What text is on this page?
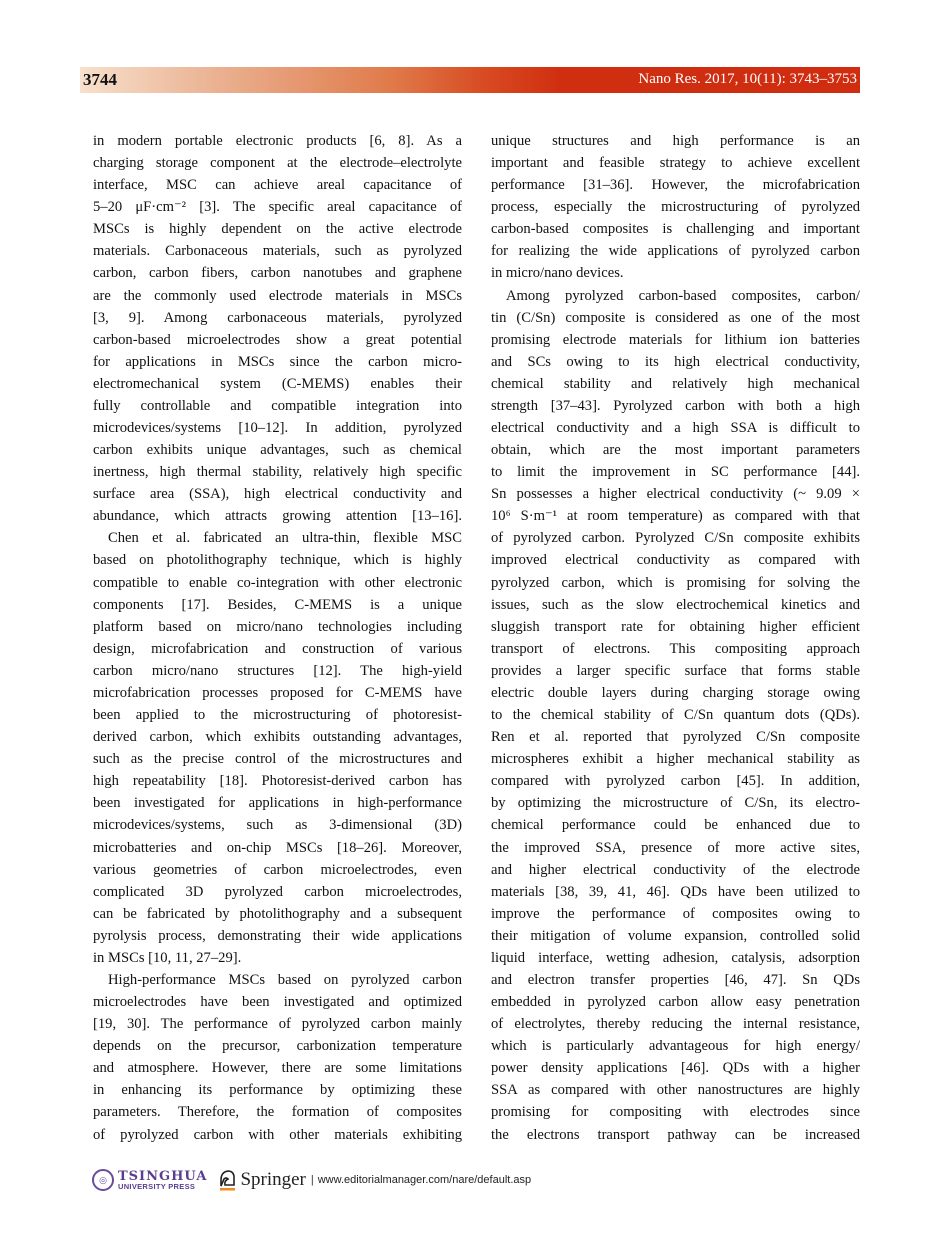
3744	Nano Res. 2017, 10(11): 3743–3753
in modern portable electronic products [6, 8]. As a
charging storage component at the electrode–electrolyte
interface, MSC can achieve areal capacitance of
5–20 μF·cm⁻² [3]. The specific areal capacitance of
MSCs is highly dependent on the active electrode
materials. Carbonaceous materials, such as pyrolyzed
carbon, carbon fibers, carbon nanotubes and graphene
are the commonly used electrode materials in MSCs
[3, 9]. Among carbonaceous materials, pyrolyzed
carbon-based microelectrodes show a great potential
for applications in MSCs since the carbon micro-
electromechanical system (C-MEMS) enables their
fully controllable and compatible integration into
microdevices/systems [10–12]. In addition, pyrolyzed
carbon exhibits unique advantages, such as chemical
inertness, high thermal stability, relatively high specific
surface area (SSA), high electrical conductivity and
abundance, which attracts growing attention [13–16].
Chen et al. fabricated an ultra-thin, flexible MSC
based on photolithography technique, which is highly
compatible to enable co-integration with other electronic
components [17]. Besides, C-MEMS is a unique
platform based on micro/nano technologies including
design, microfabrication and construction of various
carbon micro/nano structures [12]. The high-yield
microfabrication processes proposed for C-MEMS have
been applied to the microstructuring of photoresist-
derived carbon, which exhibits outstanding advantages,
such as the precise control of the microstructures and
high repeatability [18]. Photoresist-derived carbon has
been investigated for applications in high-performance
microdevices/systems, such as 3-dimensional (3D)
microbatteries and on-chip MSCs [18–26]. Moreover,
various geometries of carbon microelectrodes, even
complicated 3D pyrolyzed carbon microelectrodes,
can be fabricated by photolithography and a subsequent
pyrolysis process, demonstrating their wide applications
in MSCs [10, 11, 27–29].
High-performance MSCs based on pyrolyzed carbon
microelectrodes have been investigated and optimized
[19, 30]. The performance of pyrolyzed carbon mainly
depends on the precursor, carbonization temperature
and atmosphere. However, there are some limitations
in enhancing its performance by optimizing these
parameters. Therefore, the formation of composites
of pyrolyzed carbon with other materials exhibiting
unique structures and high performance is an
important and feasible strategy to achieve excellent
performance [31–36]. However, the microfabrication
process, especially the microstructuring of pyrolyzed
carbon-based composites is challenging and important
for realizing the wide applications of pyrolyzed carbon
in micro/nano devices.
Among pyrolyzed carbon-based composites, carbon/
tin (C/Sn) composite is considered as one of the most
promising electrode materials for lithium ion batteries
and SCs owing to its high electrical conductivity,
chemical stability and relatively high mechanical
strength [37–43]. Pyrolyzed carbon with both a high
electrical conductivity and a high SSA is difficult to
obtain, which are the most important parameters
to limit the improvement in SC performance [44].
Sn possesses a higher electrical conductivity (~ 9.09 ×
10⁶ S·m⁻¹ at room temperature) as compared with that
of pyrolyzed carbon. Pyrolyzed C/Sn composite exhibits
improved electrical conductivity as compared with
pyrolyzed carbon, which is promising for solving the
issues, such as the slow electrochemical kinetics and
sluggish transport rate for obtaining higher efficient
transport of electrons. This compositing approach
provides a larger specific surface that forms stable
electric double layers during charging storage owing
to the chemical stability of C/Sn quantum dots (QDs).
Ren et al. reported that pyrolyzed C/Sn composite
microspheres exhibit a higher mechanical stability as
compared with pyrolyzed carbon [45]. In addition,
by optimizing the microstructure of C/Sn, its electro-
chemical performance could be enhanced due to
the improved SSA, presence of more active sites,
and higher electrical conductivity of the electrode
materials [38, 39, 41, 46]. QDs have been utilized to
improve the performance of composites owing to
their mitigation of volume expansion, controlled solid
liquid interface, wetting adhesion, catalysis, adsorption
and electron transfer properties [46, 47]. Sn QDs
embedded in pyrolyzed carbon allow easy penetration
of electrolytes, thereby reducing the internal resistance,
which is particularly advantageous for high energy/
power density applications [46]. QDs with a higher
SSA as compared with other nanostructures are highly
promising for compositing with electrodes since
the electrons transport pathway can be increased
◎ TSINGHUA
UNIVERSITY PRESS	Springer | www.editorialmanager.com/nare/default.asp
